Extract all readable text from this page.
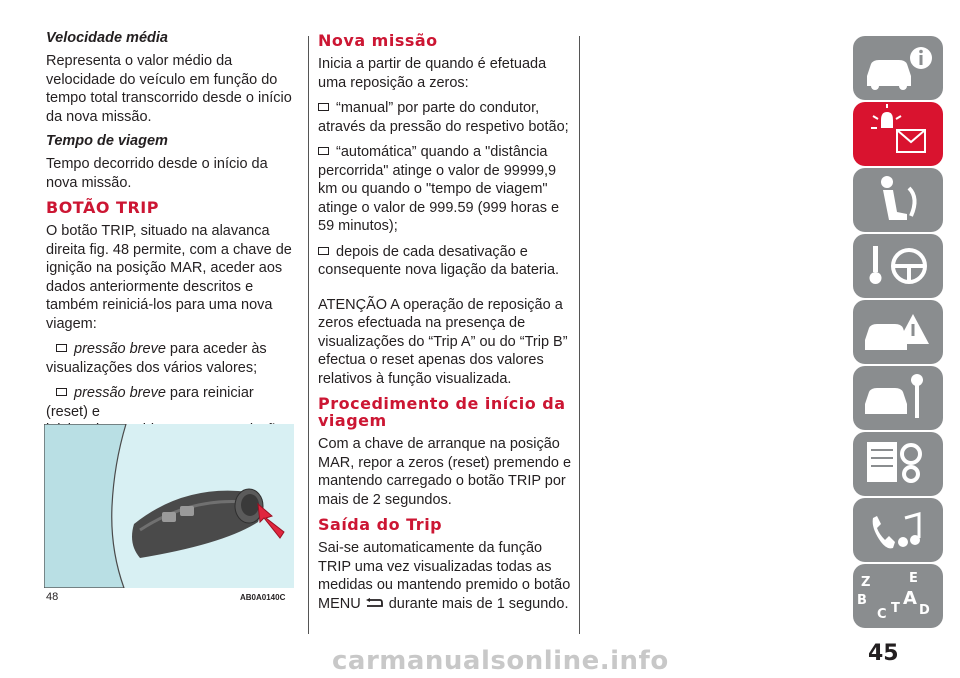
Velocidade média

Representa o valor médio da velocidade do veículo em função do tempo total transcorrido desde o início da nova missão.

Tempo de viagem

Tempo decorrido desde o início da nova missão.

BOTÃO TRIP

O botão TRIP, situado na alavanca direita fig. 48 permite, com a chave de ignição na posição MAR, aceder aos dados anteriormente descritos e também reiniciá-los para uma nova viagem:

pressão breve para aceder às
visualizações dos vários valores;

pressão breve para reiniciar (reset) e

48	AB0A0140C
Nova missão

Inicia a partir de quando é efetuada uma reposição a zeros:

“manual” por parte do condutor,
através da pressão do respetivo botão;

“automática” quando a "distância
percorrida" atinge o valor de 99999,9 km ou quando o "tempo de viagem" atinge o valor de 999.59 (999 horas e 59 minutos);

depois de cada desativação e
consequente nova ligação da bateria.

ATENÇÃO A operação de reposição a zeros efectuada na presença de visualizações do “Trip A” ou do “Trip B” efectua o reset apenas dos valores relativos à função visualizada.

Procedimento de início da viagem

Com a chave de arranque na posição MAR, repor a zeros (reset) premendo e mantendo carregado o botão TRIP por mais de 2 segundos.

Saída do Trip

Sai-se automaticamente da função TRIP uma vez visualizadas todas as medidas ou mantendo premido o botão
MENU durante mais de 1 segundo.

Z	E
B A
C T D
45
carmanualsonline.info
